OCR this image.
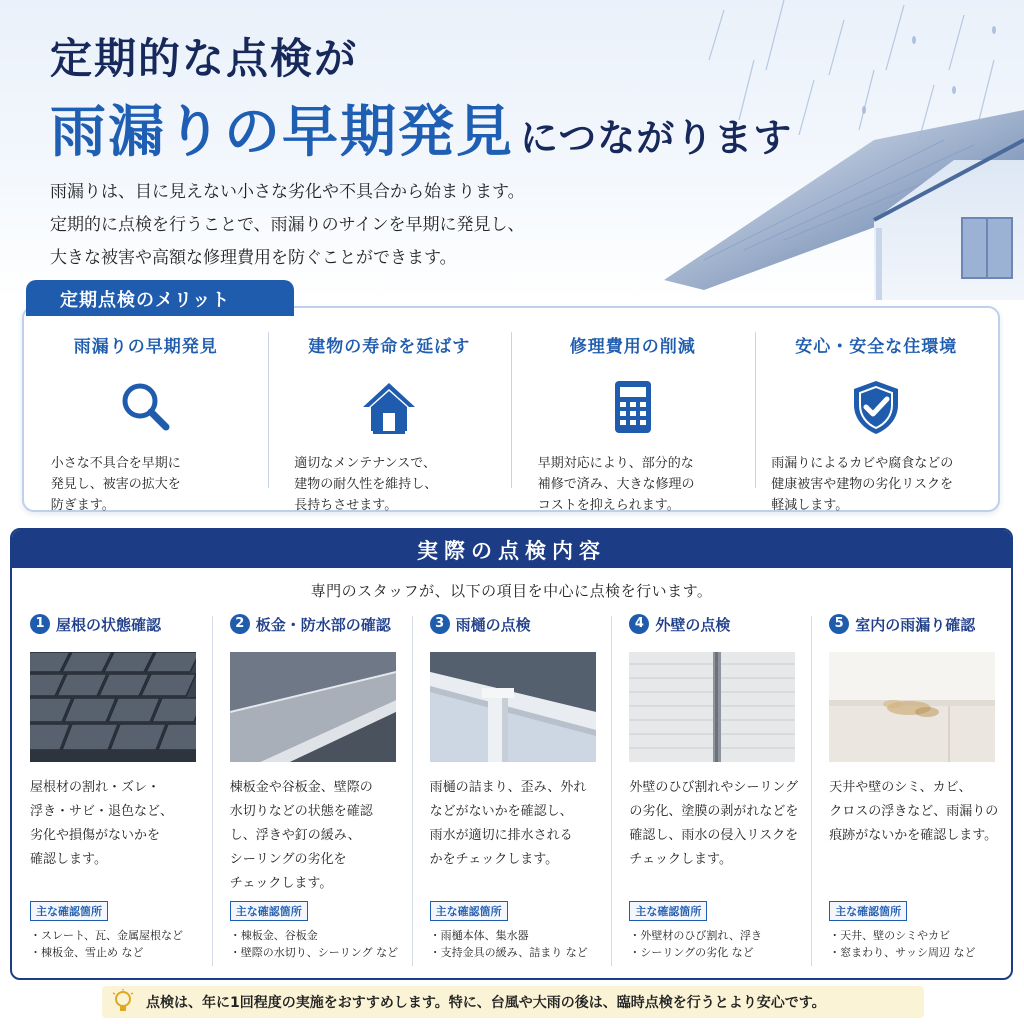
定期的な点検が
雨漏りの早期発見 につながります

雨漏りは、目に見えない小さな劣化や不具合から始まります。

定期的に点検を行うことで、雨漏りのサインを早期に発見し、

大きな被害や高額な修理費用を防ぐことができます。

定期点検のメリット
雨漏りの早期発見
小さな不具合を早期に
発見し、被害の拡大を
防ぎます。
建物の寿命を延ばす
適切なメンテナンスで、
建物の耐久性を維持し、
長持ちさせます。
修理費用の削減
早期対応により、部分的な
補修で済み、大きな修理の
コストを抑えられます。
安心・安全な住環境
雨漏りによるカビや腐食などの
健康被害や建物の劣化リスクを
軽減します。
実際の点検内容
専門のスタッフが、以下の項目を中心に点検を行います。
1 屋根の状態確認
屋根材の割れ・ズレ・
浮き・サビ・退色など、
劣化や損傷がないかを
確認します。
主な確認箇所
・スレート、瓦、金属屋根など
・棟板金、雪止め など
2 板金・防水部の確認
棟板金や谷板金、壁際の
水切りなどの状態を確認
し、浮きや釘の緩み、
シーリングの劣化を
チェックします。
主な確認箇所
・棟板金、谷板金
・壁際の水切り、シーリング など
3 雨樋の点検
雨樋の詰まり、歪み、外れ
などがないかを確認し、
雨水が適切に排水される
かをチェックします。
主な確認箇所
・雨樋本体、集水器
・支持金具の緩み、詰まり など
4 外壁の点検
外壁のひび割れやシーリング
の劣化、塗膜の剥がれなどを
確認し、雨水の侵入リスクを
チェックします。
主な確認箇所
・外壁材のひび割れ、浮き
・シーリングの劣化 など
5 室内の雨漏り確認
天井や壁のシミ、カビ、
クロスの浮きなど、雨漏りの
痕跡がないかを確認します。
主な確認箇所
・天井、壁のシミやカビ
・窓まわり、サッシ周辺 など
点検は、年に1回程度の実施をおすすめします。特に、台風や大雨の後は、臨時点検を行うとより安心です。
